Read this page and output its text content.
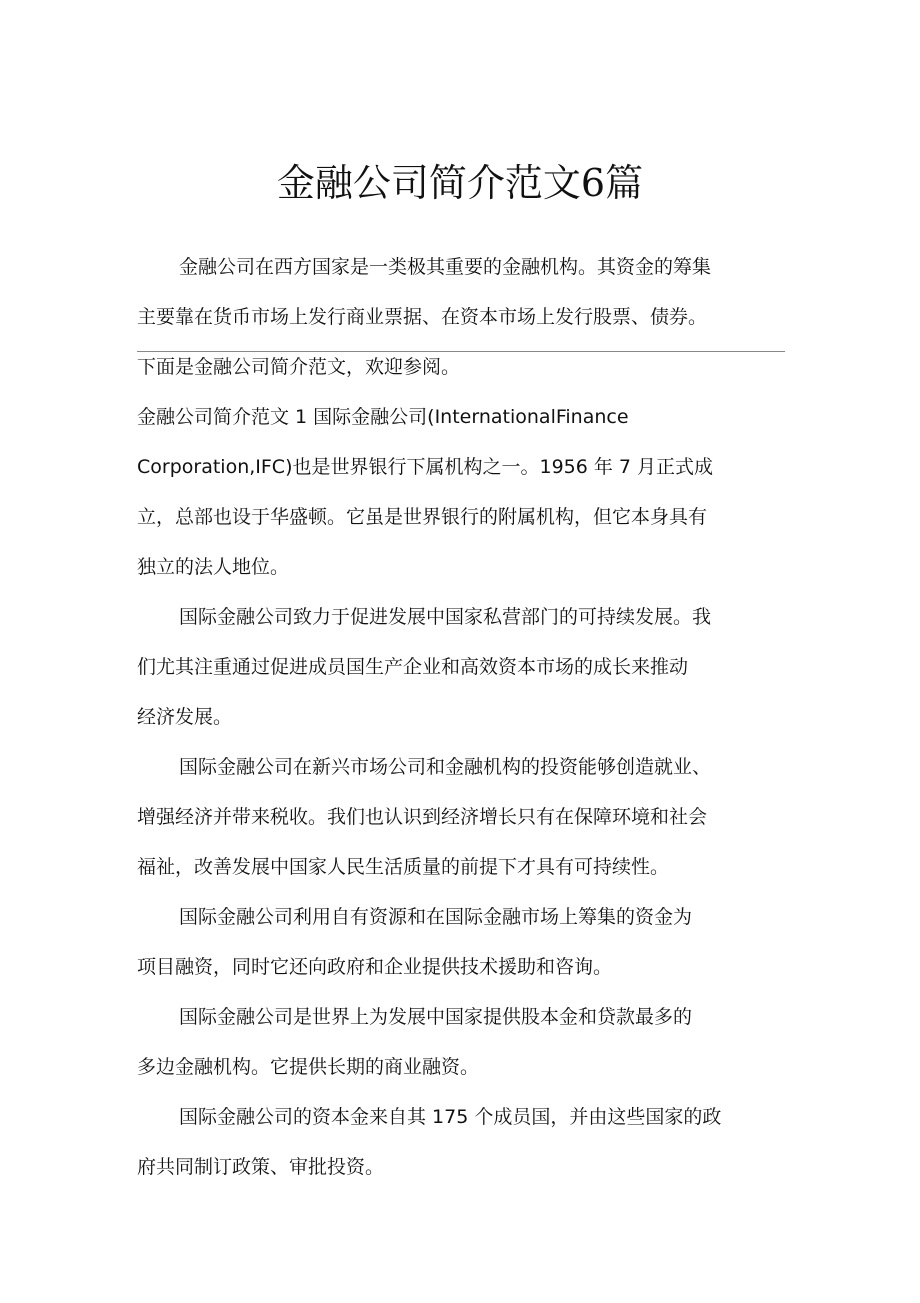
金融公司简介范文6篇
金融公司在西方国家是一类极其重要的金融机构。其资金的筹集
主要靠在货币市场上发行商业票据、在资本市场上发行股票、债券。
下面是金融公司简介范文，欢迎参阅。
金融公司简介范文 1 国际金融公司(InternationalFinance
Corporation,IFC)也是世界银行下属机构之一。1956 年 7 月正式成
立，总部也设于华盛顿。它虽是世界银行的附属机构，但它本身具有
独立的法人地位。
国际金融公司致力于促进发展中国家私营部门的可持续发展。我
们尤其注重通过促进成员国生产企业和高效资本市场的成长来推动
经济发展。
国际金融公司在新兴市场公司和金融机构的投资能够创造就业、
增强经济并带来税收。我们也认识到经济增长只有在保障环境和社会
福祉，改善发展中国家人民生活质量的前提下才具有可持续性。
国际金融公司利用自有资源和在国际金融市场上筹集的资金为
项目融资，同时它还向政府和企业提供技术援助和咨询。
国际金融公司是世界上为发展中国家提供股本金和贷款最多的
多边金融机构。它提供长期的商业融资。
国际金融公司的资本金来自其 175 个成员国，并由这些国家的政
府共同制订政策、审批投资。
